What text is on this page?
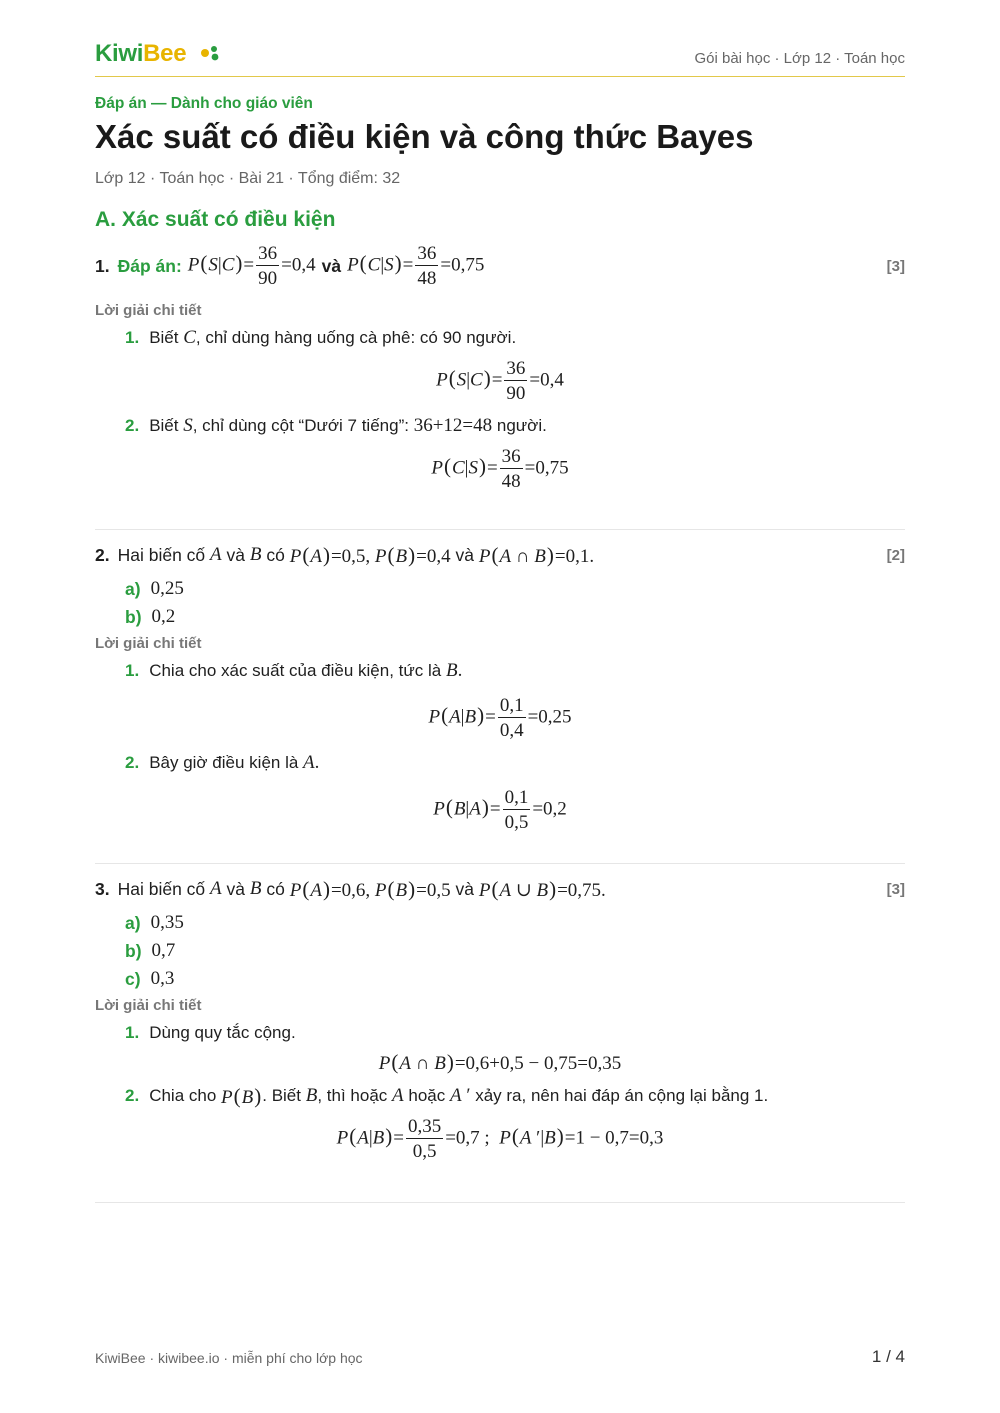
KiwiBee	Gói bài học · Lớp 12 · Toán học
Đáp án — Dành cho giáo viên
Xác suất có điều kiện và công thức Bayes
Lớp 12 · Toán học · Bài 21 · Tổng điểm: 32
A. Xác suất có điều kiện
1. Đáp án: $P(S|C)= \frac{36}{90} =0,4$ và $P(C|S)= \frac{36}{48} =0,75$	[3]
Lời giải chi tiết
1. Biết
C , chỉ dùng hàng uống cà phê: có 90 người.
$P(S|C)= \frac{36}{90} =0,4$
2. Biết
S , chỉ dùng cột “Dưới 7 tiếng”:
36+12=48
người.
$P(C|S)= \frac{36}{48} =0,75$
2. Hai biến cố
A
và
B
có
P(A)=0,5, P(B)=0,4
và
P(A ∩ B)=0,1.	[2]
a) 0,25
b) 0,2
Lời giải chi tiết
1. Chia cho xác suất của điều kiện, tức là
B.
$P(A|B)= \frac{0,1}{0,4} =0,25$
2. Bây giờ điều kiện là
A.
$P(B|A)= \frac{0,1}{0,5} =0,2$
3. Hai biến cố
A
và
B
có
P(A)=0,6, P(B)=0,5
và
P(A ∪ B)=0,75.	[3]
a) 0,35
b) 0,7
c) 0,3
Lời giải chi tiết
1. Dùng quy tắc cộng.
P(A ∩ B)=0,6+0,5 − 0,75=0,35
2. Chia cho
P(B) . Biết
B , thì hoặc
A
hoặc
A ′
xảy ra, nên hai đáp án cộng lại bằng 1.
$P(A|B)= \frac{0,35}{0,5} =0,7$ ;  P(A ′|B)=1 − 0,7=0,3
KiwiBee · kiwibee.io · miễn phí cho lớp học	1 / 4
